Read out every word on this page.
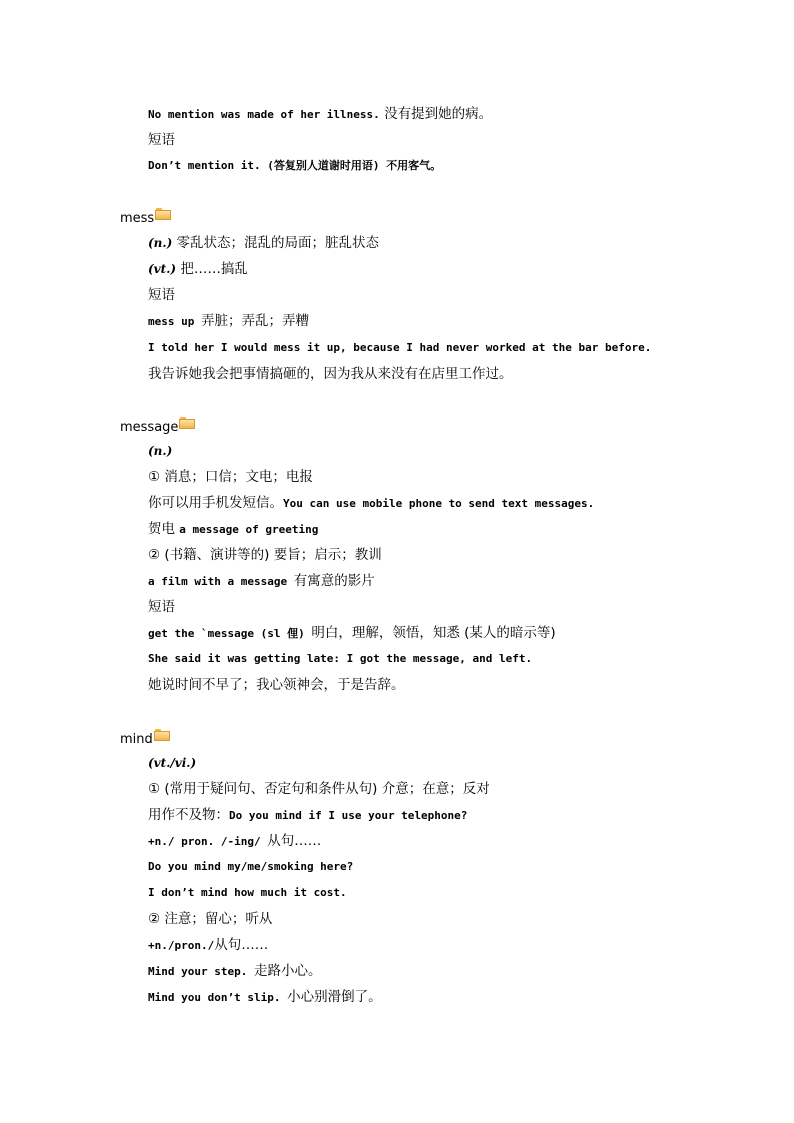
No mention was made of her illness. 没有提到她的病。
短语
Don’t mention it. (答复别人道谢时用语) 不用客气。
mess
(n.) 零乱状态；混乱的局面；脏乱状态
(vt.) 把……搞乱
短语
mess up 弄脏；弄乱；弄糟
I told her I would mess it up, because I had never worked at the bar before.
我告诉她我会把事情搞砸的，因为我从来没有在店里工作过。
message
(n.)
① 消息；口信；文电；电报
你可以用手机发短信。You can use mobile phone to send text messages.
贺电 a message of greeting
② (书籍、演讲等的) 要旨；启示；教训
a film with a message 有寓意的影片
短语
get the `message (sl 俚) 明白，理解，领悟，知悉 (某人的暗示等)
She said it was getting late: I got the message, and left.
她说时间不早了；我心领神会，于是告辞。
mind
(vt./vi.)
① (常用于疑问句、否定句和条件从句) 介意；在意；反对
用作不及物：Do you mind if I use your telephone?
+n./ pron. /-ing/ 从句……
Do you mind my/me/smoking here?
I don’t mind how much it cost.
② 注意；留心；听从
+n./pron./从句……
Mind your step. 走路小心。
Mind you don’t slip. 小心别滑倒了。
